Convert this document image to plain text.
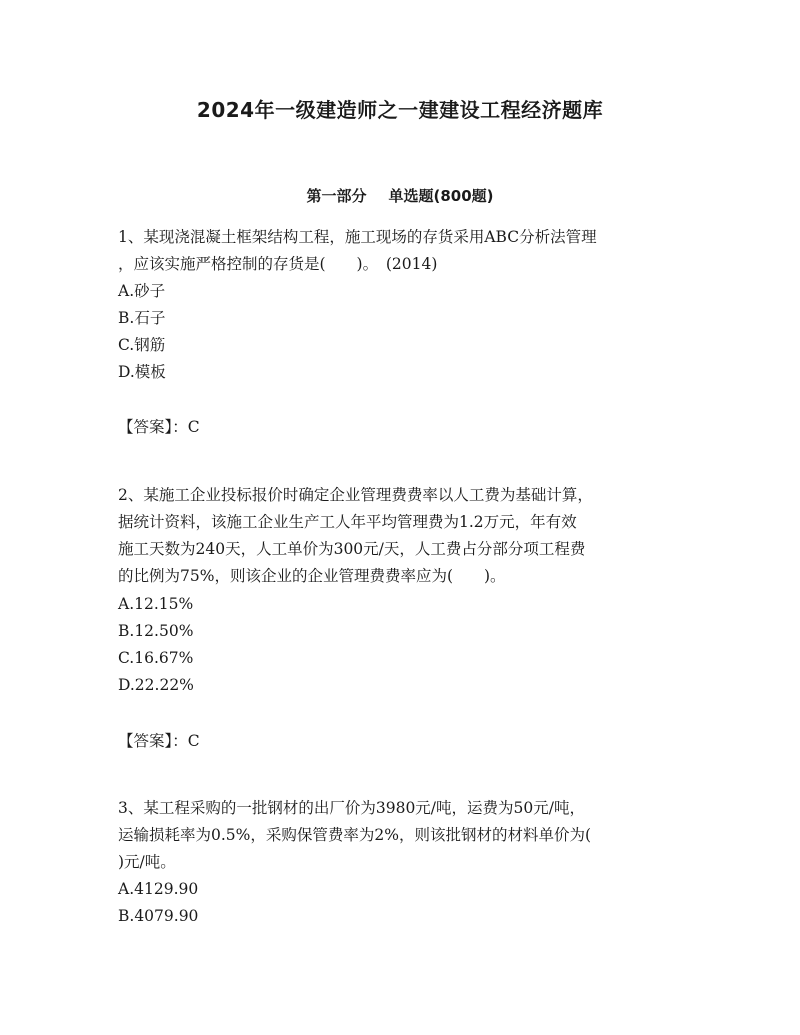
2024年一级建造师之一建建设工程经济题库
第一部分 单选题(800题)
1、某现浇混凝土框架结构工程，施工现场的存货采用ABC分析法管理
，应该实施严格控制的存货是(　　)。　(2014)
A.砂子
B.石子
C.钢筋
D.模板
【答案】：C
2、某施工企业投标报价时确定企业管理费费率以人工费为基础计算，
据统计资料，该施工企业生产工人年平均管理费为1.2万元，年有效
施工天数为240天，人工单价为300元/天，人工费占分部分项工程费
的比例为75%，则该企业的企业管理费费率应为(　　)。
A.12.15%
B.12.50%
C.16.67%
D.22.22%
【答案】：C
3、某工程采购的一批钢材的出厂价为3980元/吨，运费为50元/吨，
运输损耗率为0.5%，采购保管费率为2%，则该批钢材的材料单价为(
)元/吨。
A.4129.90
B.4079.90
